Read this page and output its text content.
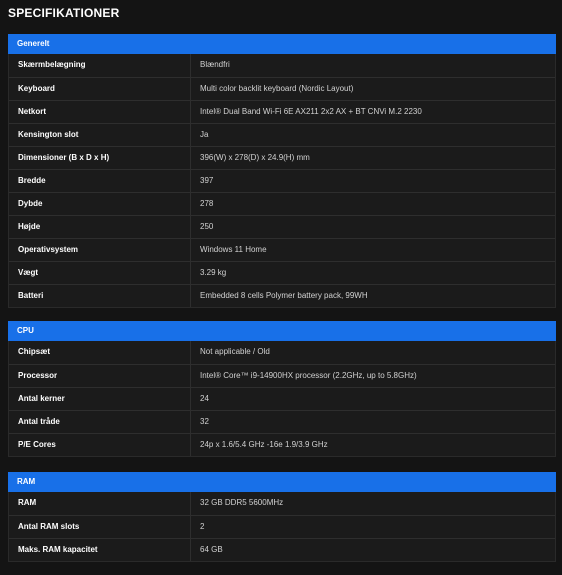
SPECIFIKATIONER
Generelt
Skærmbelægning	Blændfri
Keyboard	Multi color backlit keyboard (Nordic Layout)
Netkort	Intel® Dual Band Wi-Fi 6E AX211 2x2 AX + BT CNVi M.2 2230
Kensington slot	Ja
Dimensioner (B x D x H)	396(W) x 278(D) x 24.9(H) mm
Bredde	397
Dybde	278
Højde	250
Operativsystem	Windows 11 Home
Vægt	3.29 kg
Batteri	Embedded 8 cells Polymer battery pack, 99WH
CPU
Chipsæt	Not applicable / Old
Processor	Intel® Core™ i9-14900HX processor (2.2GHz, up to 5.8GHz)
Antal kerner	24
Antal tråde	32
P/E Cores	24p x 1.6/5.4 GHz -16e 1.9/3.9 GHz
RAM
RAM	32 GB DDR5 5600MHz
Antal RAM slots	2
Maks. RAM kapacitet	64 GB
